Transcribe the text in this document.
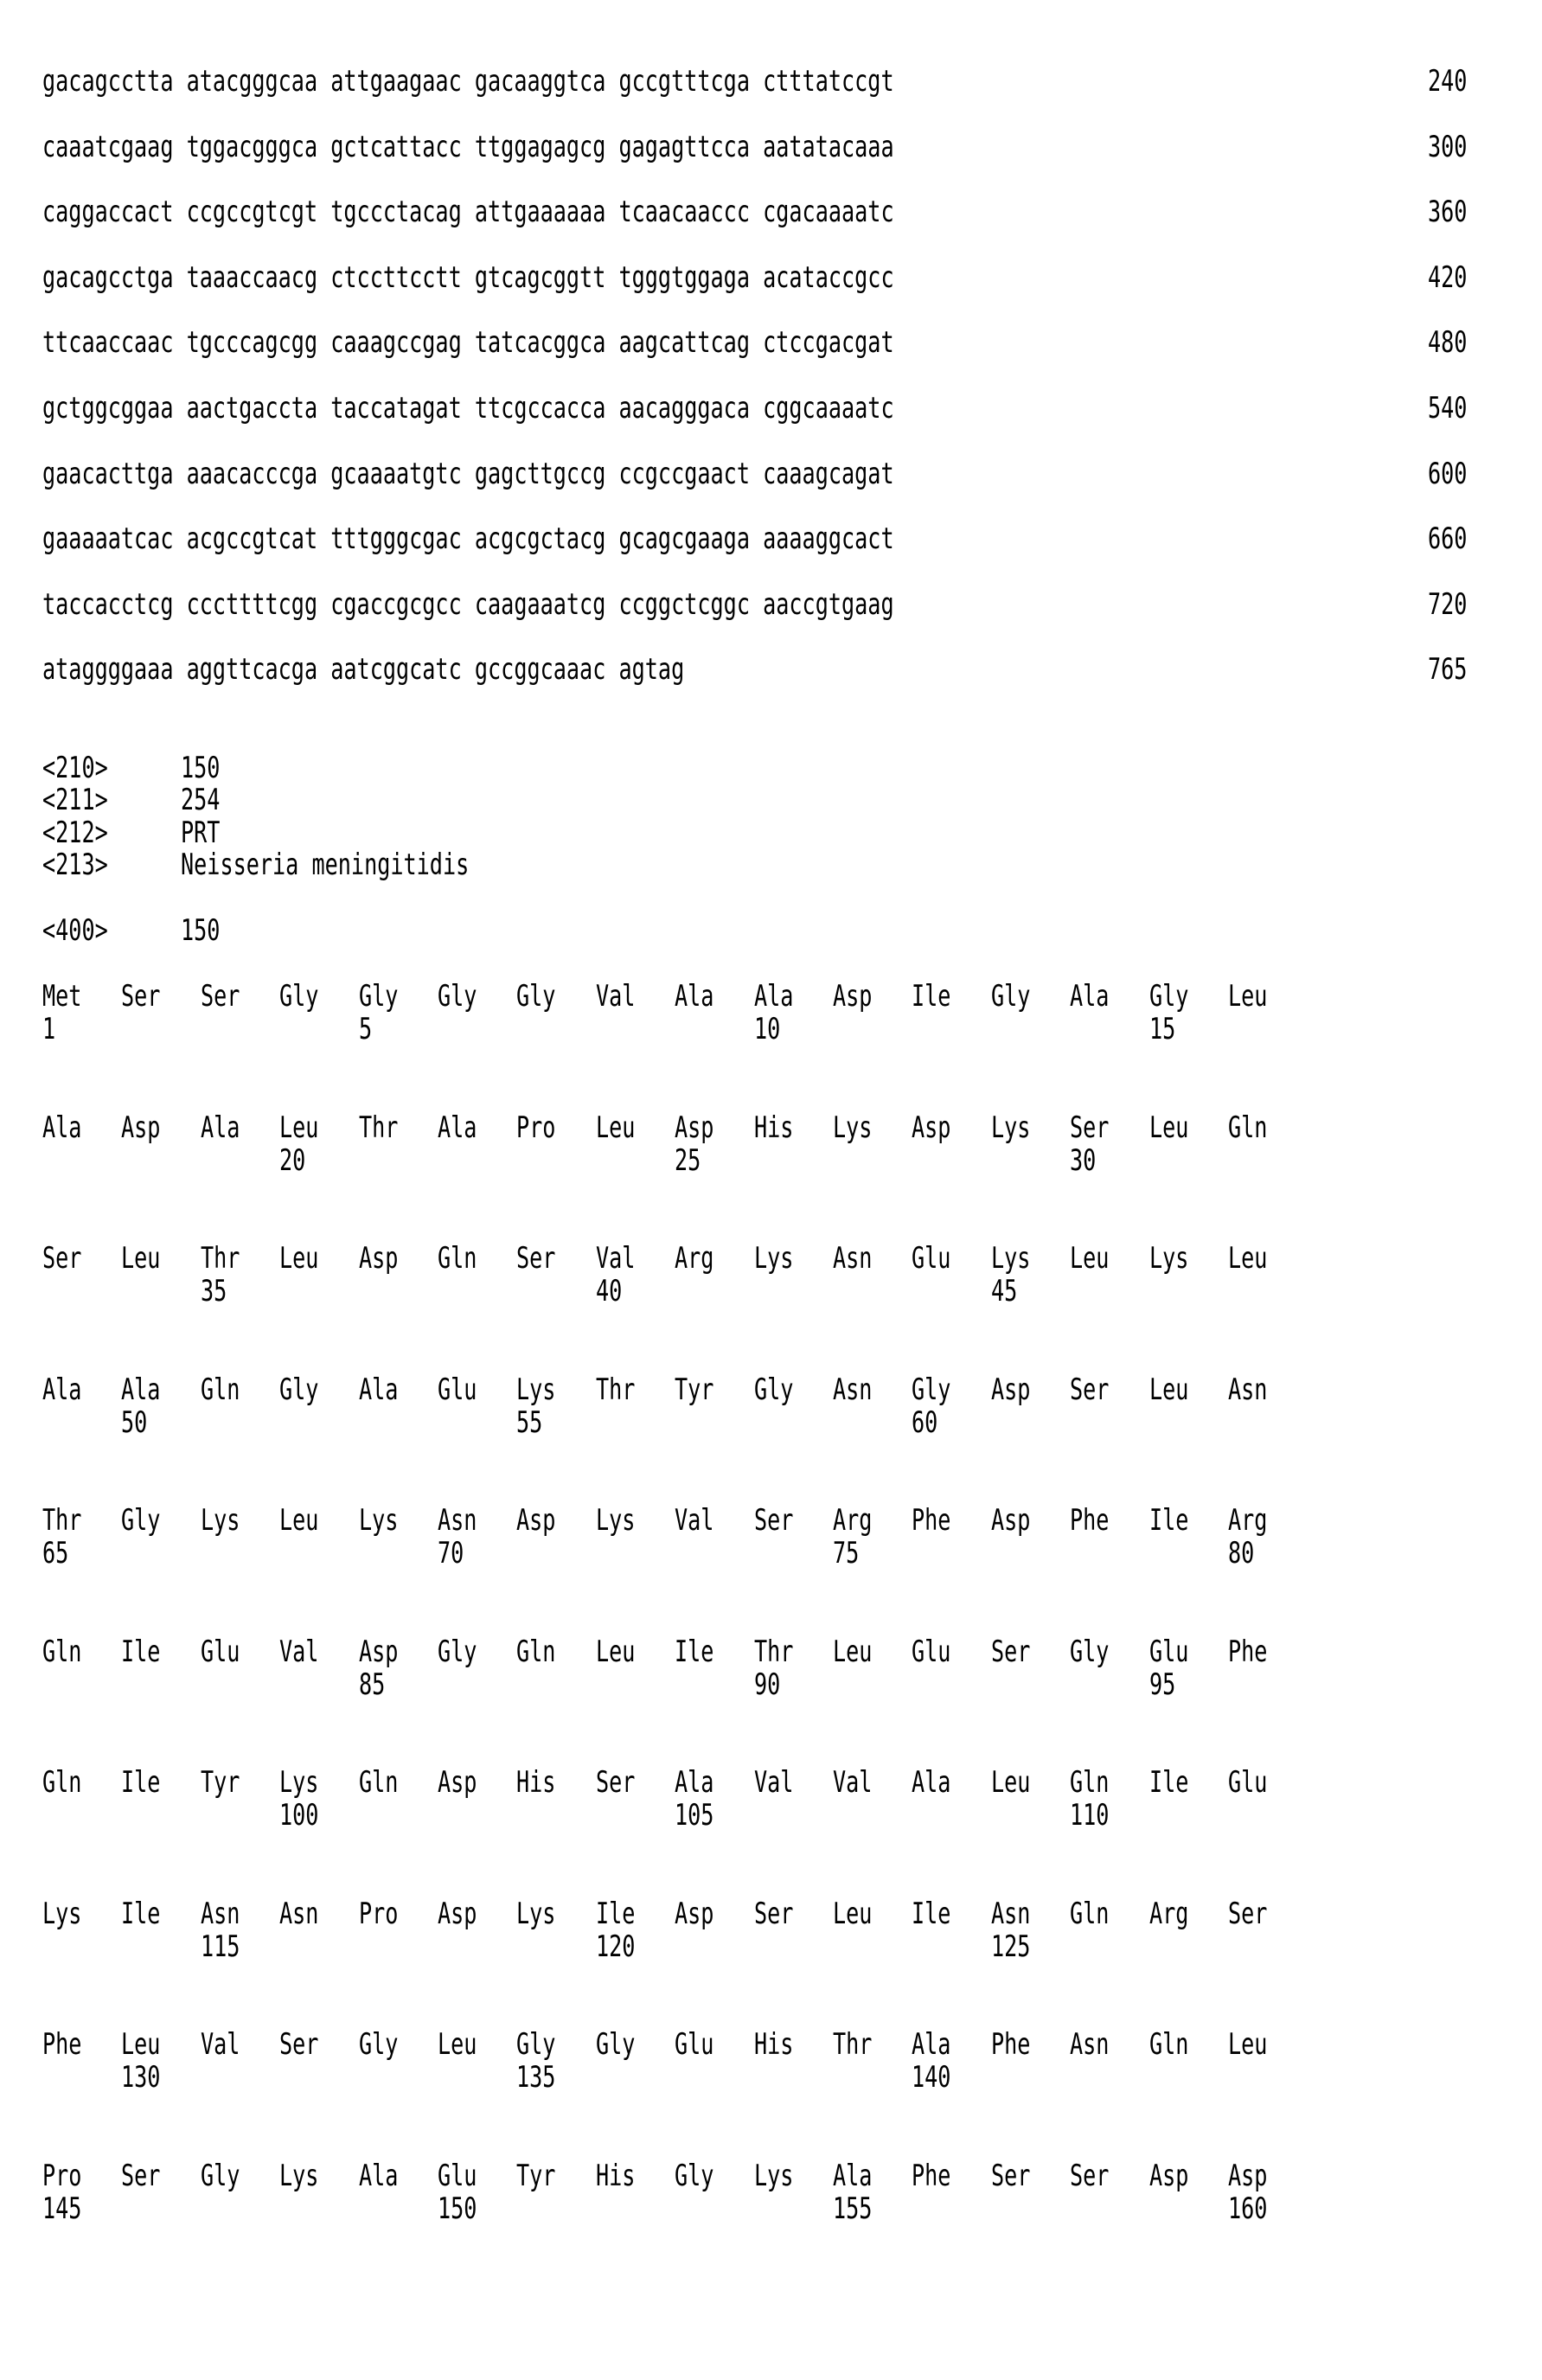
gacagcctta atacgggcaa attgaagaac gacaaggtca gccgtttcga ctttatccgt	240
caaatcgaag tggacgggca gctcattacc ttggagagcg gagagttcca aatatacaaa	300
caggaccact ccgccgtcgt tgccctacag attgaaaaaa tcaacaaccc cgacaaaatc	360
gacagcctga taaaccaacg ctccttcctt gtcagcggtt tgggtggaga acataccgcc	420
ttcaaccaac tgcccagcgg caaagccgag tatcacggca aagcattcag ctccgacgat	480
gctggcggaa aactgaccta taccatagat ttcgccacca aacagggaca cggcaaaatc	540
gaacacttga aaacacccga gcaaaatgtc gagcttgccg ccgccgaact caaagcagat	600
gaaaaatcac acgccgtcat tttgggcgac acgcgctacg gcagcgaaga aaaaggcact	660
taccacctcg cccttttcgg cgaccgcgcc caagaaatcg ccggctcggc aaccgtgaag	720
ataggggaaa aggttcacga aatcggcatc gccggcaaac agtag	765
<210> 150
<211> 254
<212> PRT
<213> Neisseria meningitidis
<400> 150
Met Ser Ser Gly Gly Gly Gly Val Ala Ala Asp Ile Gly Ala Gly Leu
1	5	10	15
Ala Asp Ala Leu Thr Ala Pro Leu Asp His Lys Asp Lys Ser Leu Gln
20	25	30
Ser Leu Thr Leu Asp Gln Ser Val Arg Lys Asn Glu Lys Leu Lys Leu
35	40	45
Ala Ala Gln Gly Ala Glu Lys Thr Tyr Gly Asn Gly Asp Ser Leu Asn
50	55	60
Thr Gly Lys Leu Lys Asn Asp Lys Val Ser Arg Phe Asp Phe Ile Arg
65	70	75	80
Gln Ile Glu Val Asp Gly Gln Leu Ile Thr Leu Glu Ser Gly Glu Phe
85	90	95
Gln Ile Tyr Lys Gln Asp His Ser Ala Val Val Ala Leu Gln Ile Glu
100	105	110
Lys Ile Asn Asn Pro Asp Lys Ile Asp Ser Leu Ile Asn Gln Arg Ser
115	120	125
Phe Leu Val Ser Gly Leu Gly Gly Glu His Thr Ala Phe Asn Gln Leu
130	135	140
Pro Ser Gly Lys Ala Glu Tyr His Gly Lys Ala Phe Ser Ser Asp Asp
145	150	155	160
